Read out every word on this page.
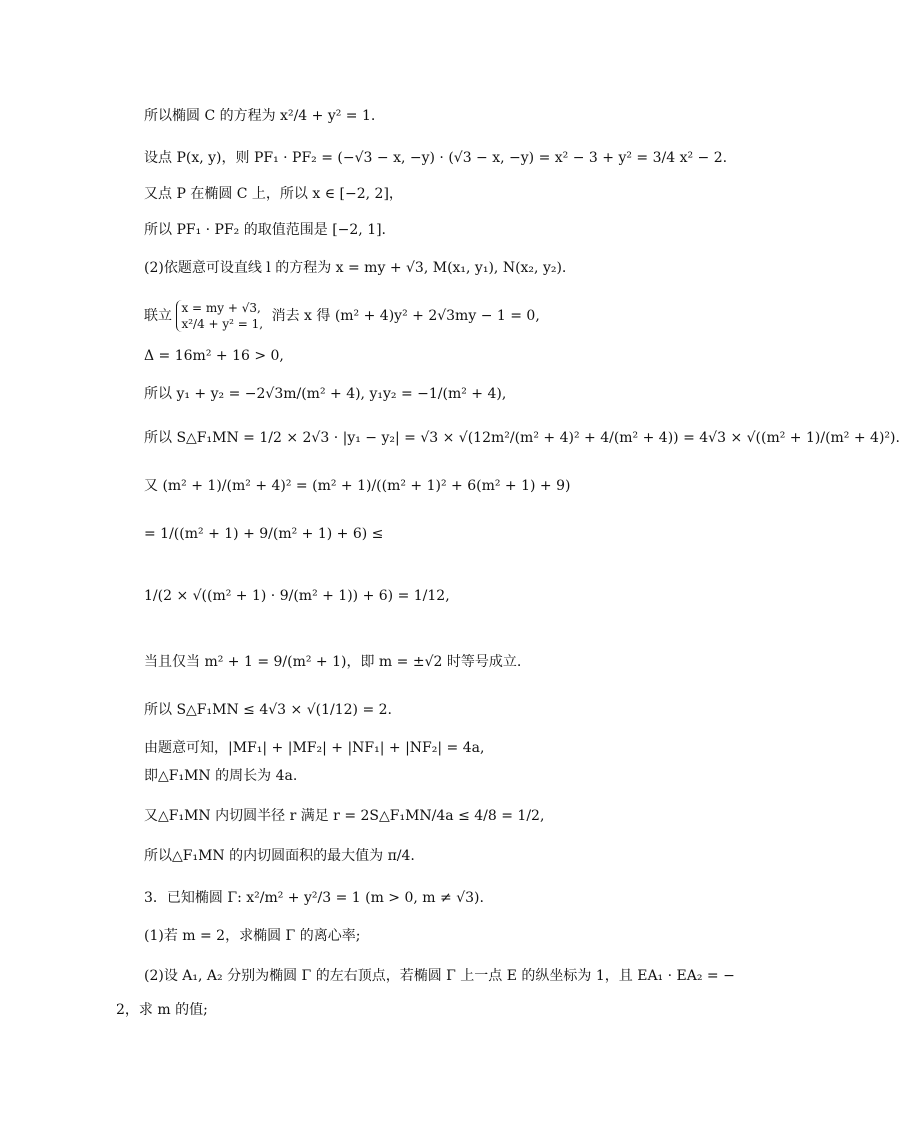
所以椭圆 C 的方程为 x²/4 + y² = 1.
设点 P(x, y)，则 PF₁ · PF₂ = (−√3 − x, −y) · (√3 − x, −y) = x² − 3 + y² = 3/4 x² − 2.
又点 P 在椭圆 C 上，所以 x ∈ [−2, 2]，
所以 PF₁ · PF₂ 的取值范围是 [−2, 1].
(2)依题意可设直线 l 的方程为 x = my + √3, M(x₁, y₁), N(x₂, y₂).
联立 x = my + √3,
x²/4 + y² = 1, 消去 x 得 (m² + 4)y² + 2√3my − 1 = 0,
Δ = 16m² + 16 > 0,
所以 y₁ + y₂ = −2√3m/(m² + 4), y₁y₂ = −1/(m² + 4),
所以 S△F₁MN = 1/2 × 2√3 · |y₁ − y₂| = √3 × √(12m²/(m² + 4)² + 4/(m² + 4)) = 4√3 × √((m² + 1)/(m² + 4)²).
又 (m² + 1)/(m² + 4)² = (m² + 1)/((m² + 1)² + 6(m² + 1) + 9)
= 1/((m² + 1) + 9/(m² + 1) + 6) ≤
1/(2 × √((m² + 1) · 9/(m² + 1)) + 6) = 1/12,
当且仅当 m² + 1 = 9/(m² + 1)，即 m = ±√2 时等号成立.
所以 S△F₁MN ≤ 4√3 × √(1/12) = 2.
由题意可知，|MF₁| + |MF₂| + |NF₁| + |NF₂| = 4a,
即△F₁MN 的周长为 4a.
又△F₁MN 内切圆半径 r 满足 r = 2S△F₁MN/4a ≤ 4/8 = 1/2,
所以△F₁MN 的内切圆面积的最大值为 π/4.
3．已知椭圆 Γ: x²/m² + y²/3 = 1 (m > 0, m ≠ √3).
(1)若 m = 2，求椭圆 Γ 的离心率;
(2)设 A₁, A₂ 分别为椭圆 Γ 的左右顶点，若椭圆 Γ 上一点 E 的纵坐标为 1，且 EA₁ · EA₂ = −
2，求 m 的值;
